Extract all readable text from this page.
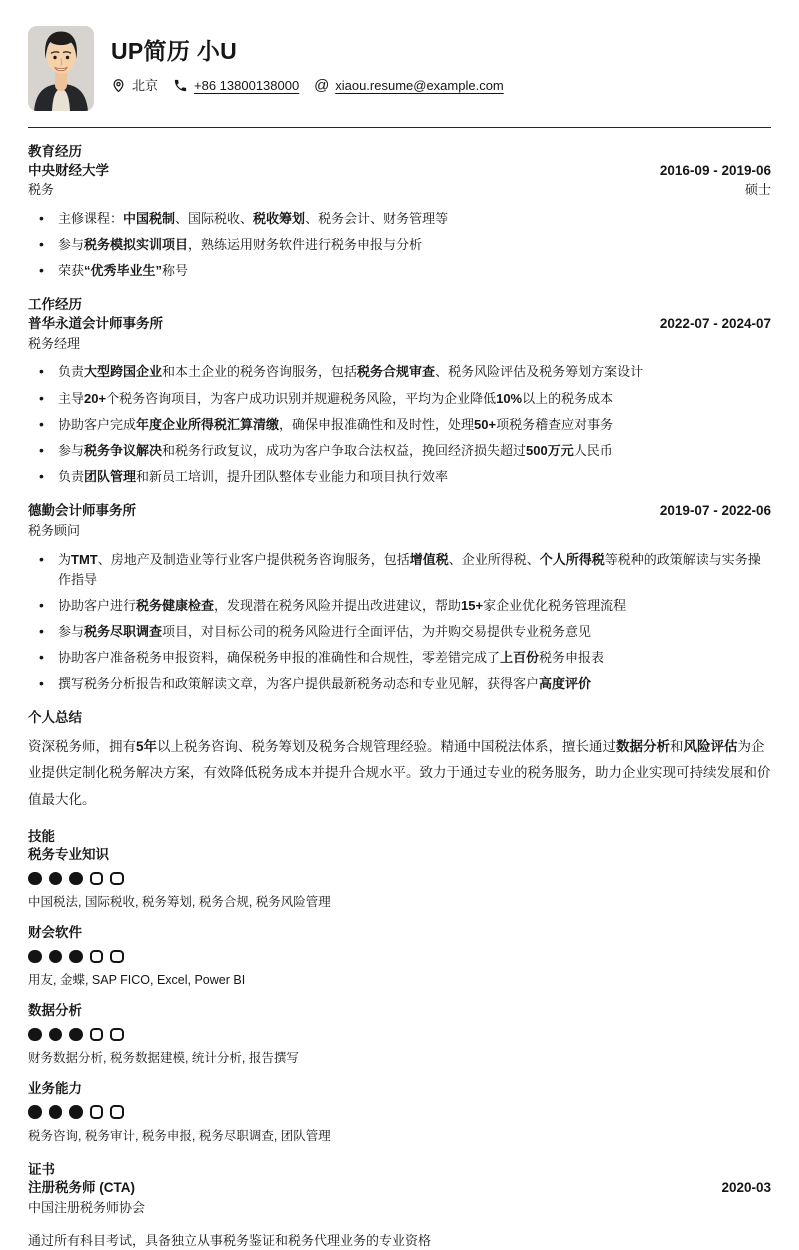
UP简历 小U
北京	+86 13800138000 @ xiaou.resume@example.com
教育经历
中央财经大学	2016-09 - 2019-06
税务	硕士
• 主修课程：中国税制、国际税收、税收筹划、税务会计、财务管理等
• 参与税务模拟实训项目，熟练运用财务软件进行税务申报与分析
• 荣获“优秀毕业生”称号
工作经历
普华永道会计师事务所	2022-07 - 2024-07
税务经理
• 负责大型跨国企业和本土企业的税务咨询服务，包括税务合规审查、税务风险评估及税务筹划方案设计
• 主导20+个税务咨询项目，为客户成功识别并规避税务风险，平均为企业降低10%以上的税务成本
• 协助客户完成年度企业所得税汇算清缴，确保申报准确性和及时性，处理50+项税务稽查应对事务
• 参与税务争议解决和税务行政复议，成功为客户争取合法权益，挽回经济损失超过500万元人民币
• 负责团队管理和新员工培训，提升团队整体专业能力和项目执行效率
德勤会计师事务所	2019-07 - 2022-06
税务顾问
• 为TMT、房地产及制造业等行业客户提供税务咨询服务，包括增值税、企业所得税、个人所得税等税种的政策解读与实务操作指导
• 协助客户进行税务健康检查，发现潜在税务风险并提出改进建议，帮助15+家企业优化税务管理流程
• 参与税务尽职调查项目，对目标公司的税务风险进行全面评估，为并购交易提供专业税务意见
• 协助客户准备税务申报资料，确保税务申报的准确性和合规性，零差错完成了上百份税务申报表
• 撰写税务分析报告和政策解读文章，为客户提供最新税务动态和专业见解，获得客户高度评价
个人总结

资深税务师，拥有5年以上税务咨询、税务筹划及税务合规管理经验。精通中国税法体系，擅长通过数据分析和风险评估为企业提供定制化税务解决方案，有效降低税务成本并提升合规水平。致力于通过专业的税务服务，助力企业实现可持续发展和价值最大化。

技能
税务专业知识
中国税法, 国际税收, 税务筹划, 税务合规, 税务风险管理
财会软件
用友, 金蝶, SAP FICO, Excel, Power BI
数据分析
财务数据分析, 税务数据建模, 统计分析, 报告撰写
业务能力
税务咨询, 税务审计, 税务申报, 税务尽职调查, 团队管理
证书
注册税务师 (CTA)	2020-03
中国注册税务师协会
通过所有科目考试，具备独立从事税务鉴证和税务代理业务的专业资格
